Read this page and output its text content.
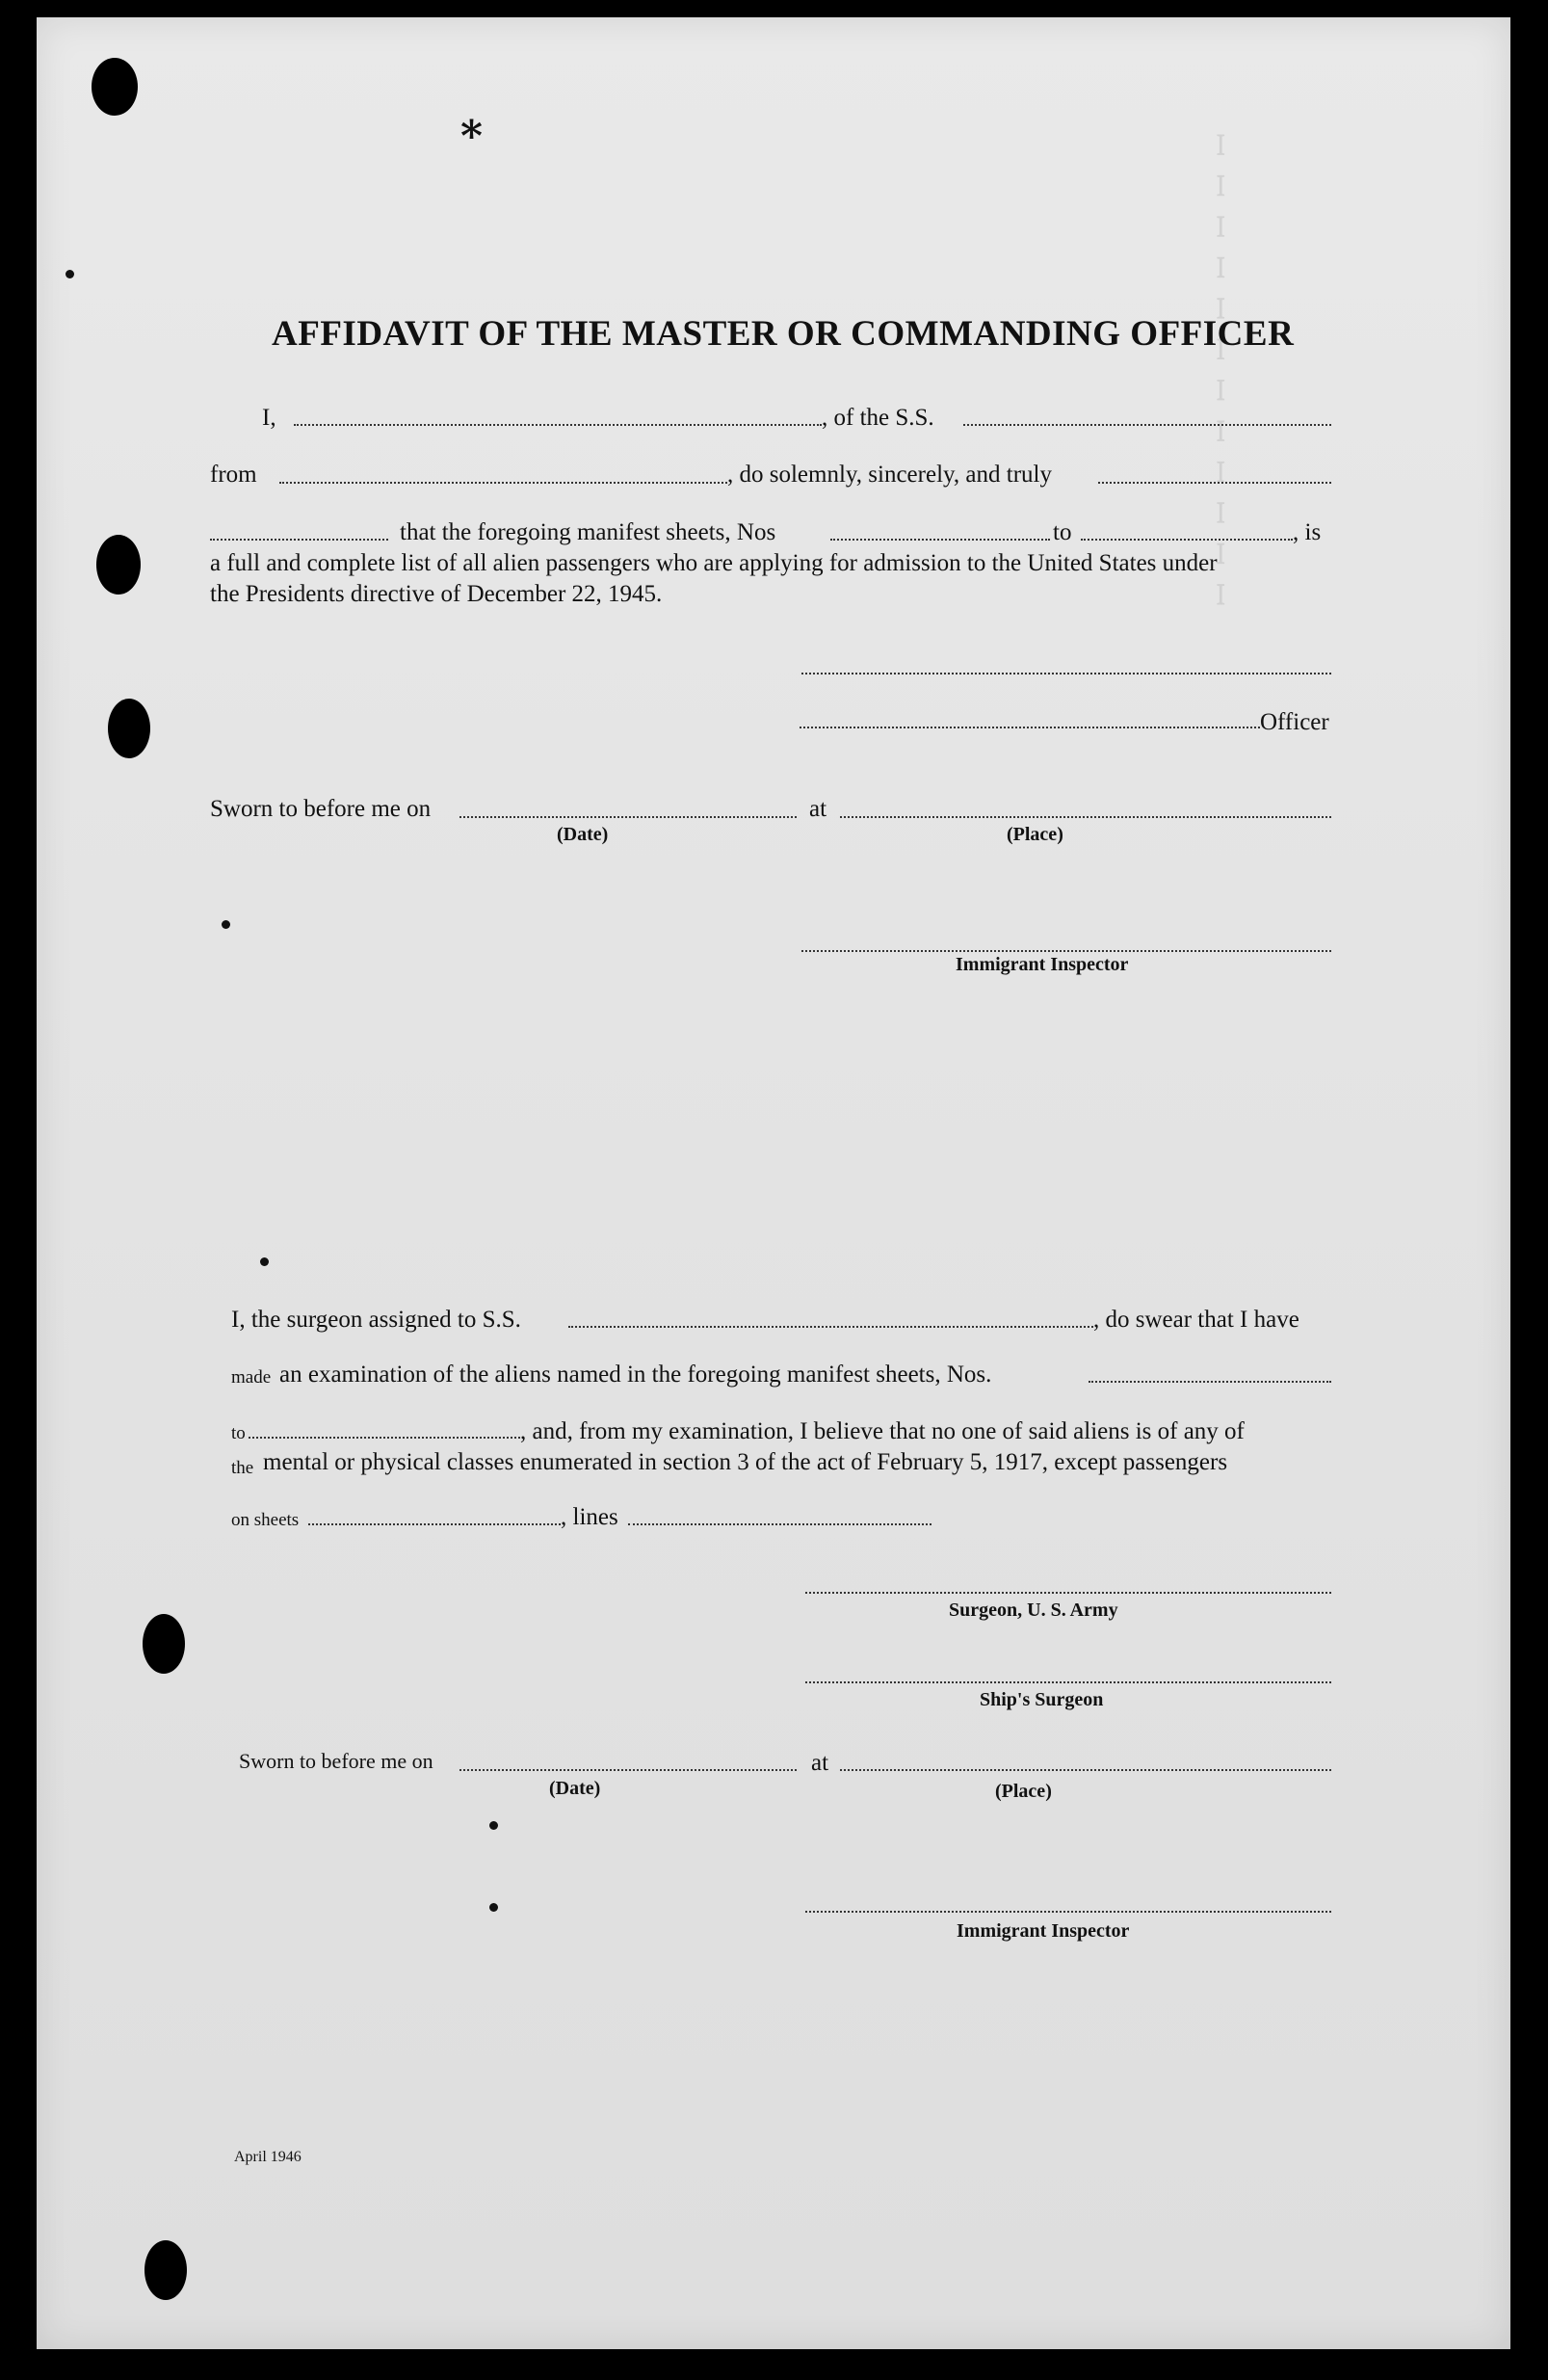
ꟷ ꟷ ꟷ ꟷ ꟷ ꟷ ꟷ ꟷ ꟷ ꟷ ꟷ ꟷ
⁎
AFFIDAVIT OF THE MASTER OR COMMANDING OFFICER
I,	, of the S.S.
from	, do solemnly, sincerely, and truly
that the foregoing manifest sheets, Nos	to	, is
a full and complete list of all alien passengers who are applying for admission to the United States under
the Presidents directive of December 22, 1945.
Officer
Sworn to before me on	at
(Date)	(Place)
Immigrant Inspector
I, the surgeon assigned to S.S.	, do swear that I have
made an examination of the aliens named in the foregoing manifest sheets, Nos.
to	, and, from my examination, I believe that no one of said aliens is of any of
the mental or physical classes enumerated in section 3 of the act of February 5, 1917, except passengers
on sheets	, lines
Surgeon, U. S. Army
Ship's Surgeon
Sworn to before me on	at
(Date)	(Place)
Immigrant Inspector
April 1946
